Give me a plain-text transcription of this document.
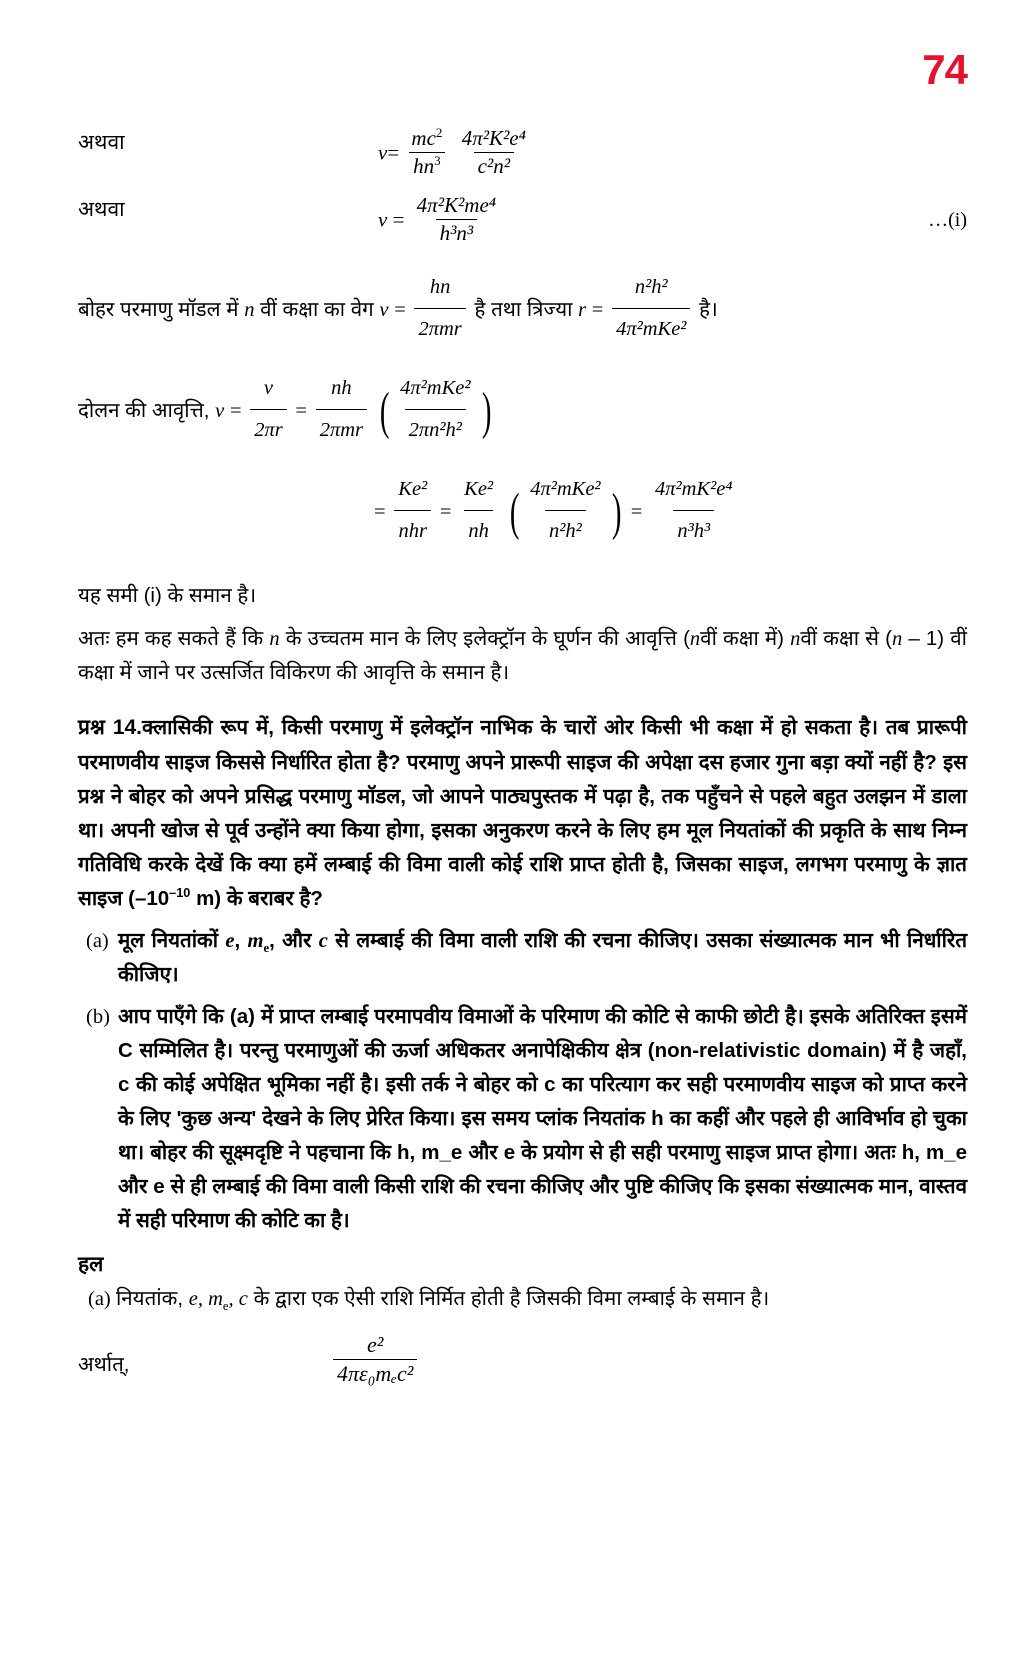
74
अथवा	$v= \frac{mc^2}{hn^3}$
$\frac{\text{4π²K²e⁴}}{\text{c²n²}}$
अथवा	$v = \frac{\text{4π²K²me⁴}}{\text{h³n³}}$	…(i)
बोहर परमाणु मॉडल में n वीं कक्षा का वेग $v = \frac{hn}{\text{2πmr}}$ है तथा त्रिज्या $r = \frac{\text{n²h²}}{\text{4π²mKe²}}$ है।
दोलन की आवृत्ति, $v = \frac{v}{2\pi r} = \frac{nh}{\text{2πmr}}$
( $\frac{\text{4π²mKe²}}{\text{2πn²h²}}$ )
= $\frac{\text{Ke²}}{\text{nhr}} = \frac{\text{Ke²}}{nh}$
( $\frac{\text{4π²mKe²}}{\text{n²h²}}$ ) = $\frac{\text{4π²mK²e⁴}}{\text{n³h³}}$
यह समी (i) के समान है।
अतः हम कह सकते हैं कि n के उच्चतम मान के लिए इलेक्ट्रॉन के घूर्णन की आवृत्ति (nवीं कक्षा में) nवीं कक्षा से (n – 1) वीं कक्षा में जाने पर उत्सर्जित विकिरण की आवृत्ति के समान है।
प्रश्न 14.क्लासिकी रूप में, किसी परमाणु में इलेक्ट्रॉन नाभिक के चारों ओर किसी भी कक्षा में हो सकता है। तब प्रारूपी परमाणवीय साइज किससे निर्धारित होता है? परमाणु अपने प्रारूपी साइज की अपेक्षा दस हजार गुना बड़ा क्यों नहीं है? इस प्रश्न ने बोहर को अपने प्रसिद्ध परमाणु मॉडल, जो आपने पाठ्यपुस्तक में पढ़ा है, तक पहुँचने से पहले बहुत उलझन में डाला था। अपनी खोज से पूर्व उन्होंने क्या किया होगा, इसका अनुकरण करने के लिए हम मूल नियतांकों की प्रकृति के साथ निम्न गतिविधि करके देखें कि क्या हमें लम्बाई की विमा वाली कोई राशि प्राप्त होती है, जिसका साइज, लगभग परमाणु के ज्ञात साइज ($-10^{-10}$ m) के बराबर है?
(a) मूल नियतांकों e, $m_e$, और c से लम्बाई की विमा वाली राशि की रचना कीजिए। उसका संख्यात्मक मान भी निर्धारित कीजिए।
(b) आप पाएँगे कि (a) में प्राप्त लम्बाई परमापवीय विमाओं के परिमाण की कोटि से काफी छोटी है। इसके अतिरिक्त इसमें C सम्मिलित है। परन्तु परमाणुओं की ऊर्जा अधिकतर अनापेक्षिकीय क्षेत्र (non-relativistic domain) में है जहाँ, c की कोई अपेक्षित भूमिका नहीं है। इसी तर्क ने बोहर को c का परित्याग कर सही परमाणवीय साइज को प्राप्त करने के लिए 'कुछ अन्य' देखने के लिए प्रेरित किया। इस समय प्लांक नियतांक h का कहीं और पहले ही आविर्भाव हो चुका था। बोहर की सूक्ष्मदृष्टि ने पहचाना कि h, m_e और e के प्रयोग से ही सही परमाणु साइज प्राप्त होगा। अतः h, m_e और e से ही लम्बाई की विमा वाली किसी राशि की रचना कीजिए और पुष्टि कीजिए कि इसका संख्यात्मक मान, वास्तव में सही परिमाण की कोटि का है।
हल
(a) नियतांक, e, $m_e$, c के द्वारा एक ऐसी राशि निर्मित होती है जिसकी विमा लम्बाई के समान है।
अर्थात्,	$\frac{\text{e²}}{\text{4πε₀mₑc²}}$
